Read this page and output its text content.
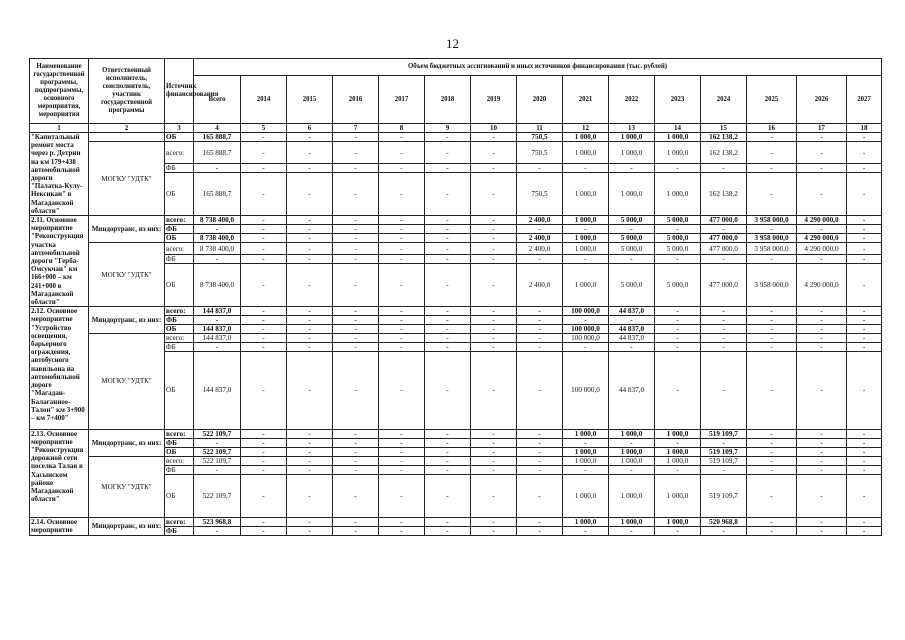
12
Наименование государственной программы, подпрограммы, основного мероприятия, мероприятия	Ответственный исполнитель, соисполнитель, участник государственной программы	Источник финансирования	Объем бюджетных ассигнований и иных источников финансирования (тыс. рублей)														
			Всего	2014	2015	2016	2017	2018	2019	2020	2021	2022	2023	2024	2025	2026	2027
1	2	3	4	5	6	7	8	9	10	11	12	13	14	15	16	17	18
"Капитальный ремонт моста через р. Детрин на км 179+438 автомобильной дороги "Палатка-Кулу-Нексикан" в Магаданской области"		ОБ	165 888,7	-	-	-	-	-	-	750,5	1 000,0	1 000,0	1 000,0	162 138,2	-	-	-
	МОГКУ "УДТК"	всего:	165 888,7	-	-	-	-	-	-	750,5	1 000,0	1 000,0	1 000,0	162 138,2	-	-	-
		ФБ	-	-	-	-	-	-	-	-	-	-	-	-	-	-	-
		ОБ	165 888,7	-	-	-	-	-	-	750,5	1 000,0	1 000,0	1 000,0	162 138,2	-	-	-
2.11. Основное мероприятие "Реконструкция участка автомобильной дороги "Герба-Омсукчан" км 166+000 – км 241+000 в Магаданской области"	Миндортранс, из них:	всего:	8 738 400,0	-	-	-	-	-	-	2 400,0	1 000,0	5 000,0	5 000,0	477 000,0	3 958 000,0	4 290 000,0	-
		ФБ	-	-	-	-	-	-	-	-	-	-	-	-	-	-	-
		ОБ	8 738 400,0	-	-	-	-	-	-	2 400,0	1 000,0	5 000,0	5 000,0	477 000,0	3 958 000,0	4 290 000,0	-
	МОГКУ "УДТК"	всего:	8 738 400,0	-	-	-	-	-	-	2 400,0	1 000,0	5 000,0	5 000,0	477 000,0	3 958 000,0	4 290 000,0	-
		ФБ	-	-	-	-	-	-	-	-	-	-	-	-	-	-	-
		ОБ	8 738 400,0	-	-	-	-	-	-	2 400,0	1 000,0	5 000,0	5 000,0	477 000,0	3 958 000,0	4 290 000,0	-
2.12. Основное мероприятие "Устройство освещения, барьерного ограждения, автобусного павильона на автомобильной дороге "Магадан-Балаганное-Талон" км 3+900 – км 7+400"	Миндортранс, из них:	всего:	144 837,0	-	-	-	-	-	-	-	100 000,0	44 837,0	-	-	-	-	-
		ФБ	-	-	-	-	-	-	-	-	-	-	-	-	-	-	-
		ОБ	144 837,0	-	-	-	-	-	-	-	100 000,0	44 837,0	-	-	-	-	-
	МОГКУ "УДТК"	всего:	144 837,0	-	-	-	-	-	-	-	100 000,0	44 837,0	-	-	-	-	-
		ФБ	-	-	-	-	-	-	-	-	-	-	-	-	-	-	-
		ОБ	144 837,0	-	-	-	-	-	-	-	100 000,0	44 837,0	-	-	-	-	-
2.13. Основное мероприятие "Реконструкция дорожной сети поселка Талая в Хасынском районе Магаданской области"	Миндортранс, из них:	всего:	522 109,7	-	-	-	-	-	-	-	1 000,0	1 000,0	1 000,0	519 109,7	-	-	-
		ФБ	-	-	-	-	-	-	-	-	-	-	-	-	-	-	-
		ОБ	522 109,7	-	-	-	-	-	-	-	1 000,0	1 000,0	1 000,0	519 109,7	-	-	-
	МОГКУ "УДТК"	всего:	522 109,7	-	-	-	-	-	-	-	1 000,0	1 000,0	1 000,0	519 109,7	-	-	-
		ФБ	-	-	-	-	-	-	-	-	-	-	-	-	-	-	-
		ОБ	522 109,7	-	-	-	-	-	-	-	1 000,0	1 000,0	1 000,0	519 109,7	-	-	-
2.14. Основное мероприятие	Миндортранс, из них:	всего:	523 968,8	-	-	-	-	-	-	-	1 000,0	1 000,0	1 000,0	520 968,8	-	-	-
		ФБ	-	-	-	-	-	-	-	-	-	-	-	-	-	-	-
